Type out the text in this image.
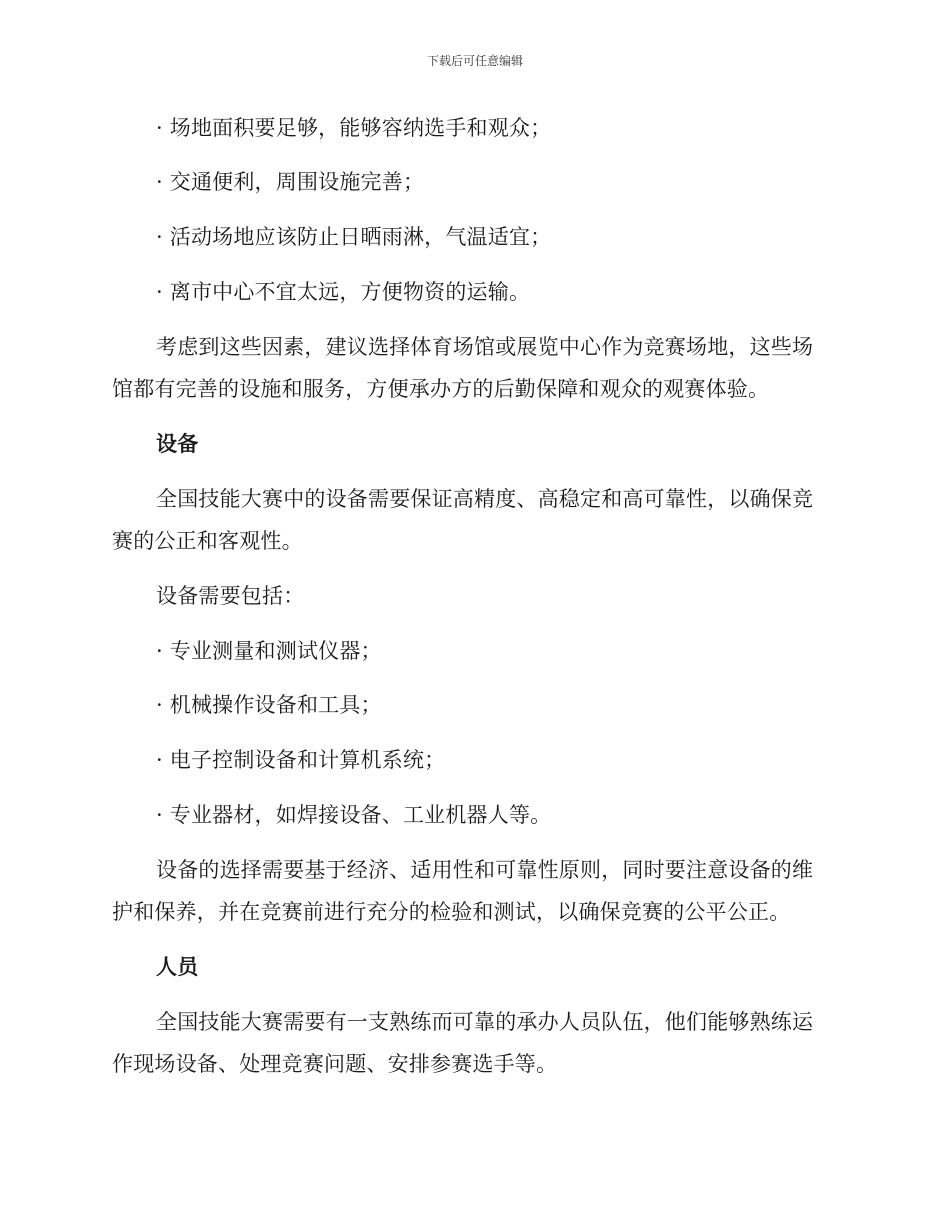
下载后可任意编辑

· 场地面积要足够，能够容纳选手和观众；

· 交通便利，周围设施完善；

· 活动场地应该防止日晒雨淋，气温适宜；

· 离市中心不宜太远，方便物资的运输。

考虑到这些因素，建议选择体育场馆或展览中心作为竞赛场地，这些场

馆都有完善的设施和服务，方便承办方的后勤保障和观众的观赛体验。

设备

全国技能大赛中的设备需要保证高精度、高稳定和高可靠性，以确保竞

赛的公正和客观性。

设备需要包括：

· 专业测量和测试仪器；

· 机械操作设备和工具；

· 电子控制设备和计算机系统；

· 专业器材，如焊接设备、工业机器人等。

设备的选择需要基于经济、适用性和可靠性原则，同时要注意设备的维

护和保养，并在竞赛前进行充分的检验和测试，以确保竞赛的公平公正。

人员

全国技能大赛需要有一支熟练而可靠的承办人员队伍，他们能够熟练运

作现场设备、处理竞赛问题、安排参赛选手等。
